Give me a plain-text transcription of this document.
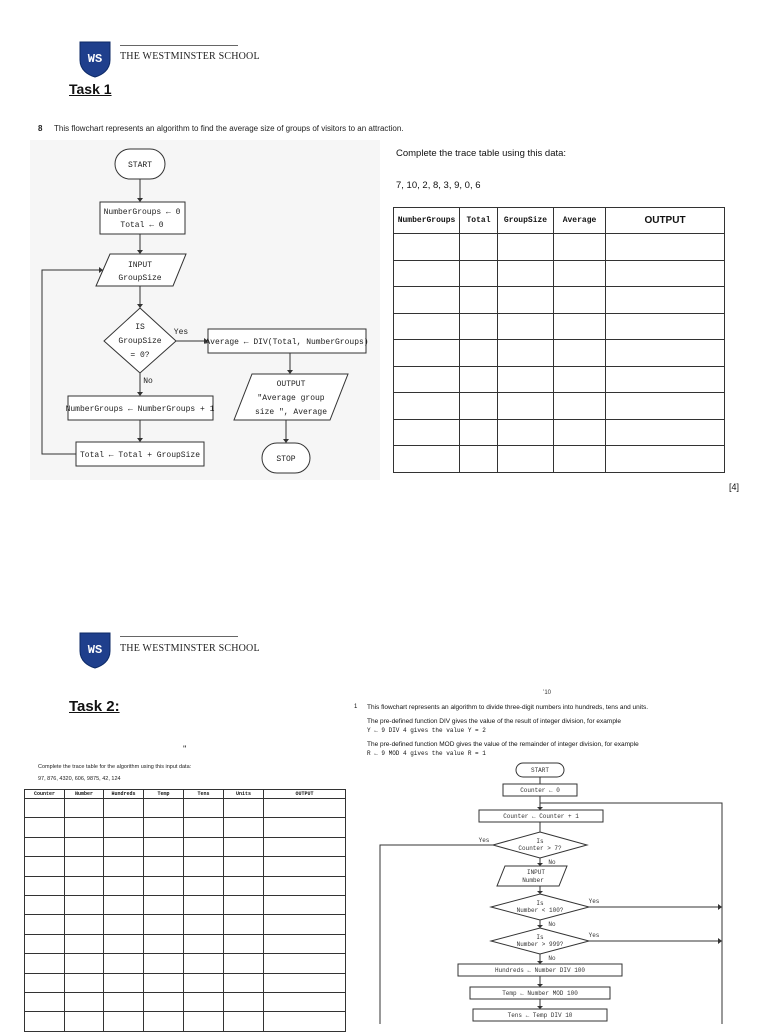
WS THE WESTMINSTER SCHOOL
Task 1
8 This flowchart represents an algorithm to find the average size of groups of visitors to an attraction.
START
NumberGroups ← 0
Total ← 0
INPUT
GroupSize
IS
GroupSize
= 0?
Average ← DIV(Total, NumberGroups)
OUTPUT
"Average group
size ", Average
NumberGroups ← NumberGroups + 1
Total ← Total + GroupSize	STOP
Yes
No
Complete the trace table using this data:
7, 10, 2, 8, 3, 9, 0, 6
NumberGroups	Total	GroupSize	Average	OUTPUT

[4]
WS THE WESTMINSTER SCHOOL
Task 2:
''
Complete the trace table for the algorithm using this input data:
97, 876, 4320, 606, 9875, 42, 124
Counter	Number	Hundreds	Temp	Tens	Units	OUTPUT

’10
1 This flowchart represents an algorithm to divide three-digit numbers into hundreds, tens and units.
The pre-defined function DIV gives the value of the result of integer division, for example
Y ← 9 DIV 4 gives the value Y = 2
The pre-defined function MOD gives the value of the remainder of integer division, for example
R ← 9 MOD 4 gives the value R = 1
START
Counter ← 0
Counter ← Counter + 1
Is
Counter > 7?
Yes
No
INPUT
Number
Is
Number < 100?
Yes
No
Is
Number > 999?
Yes
No
Hundreds ← Number DIV 100
Temp ← Number MOD 100
Tens ← Temp DIV 10
